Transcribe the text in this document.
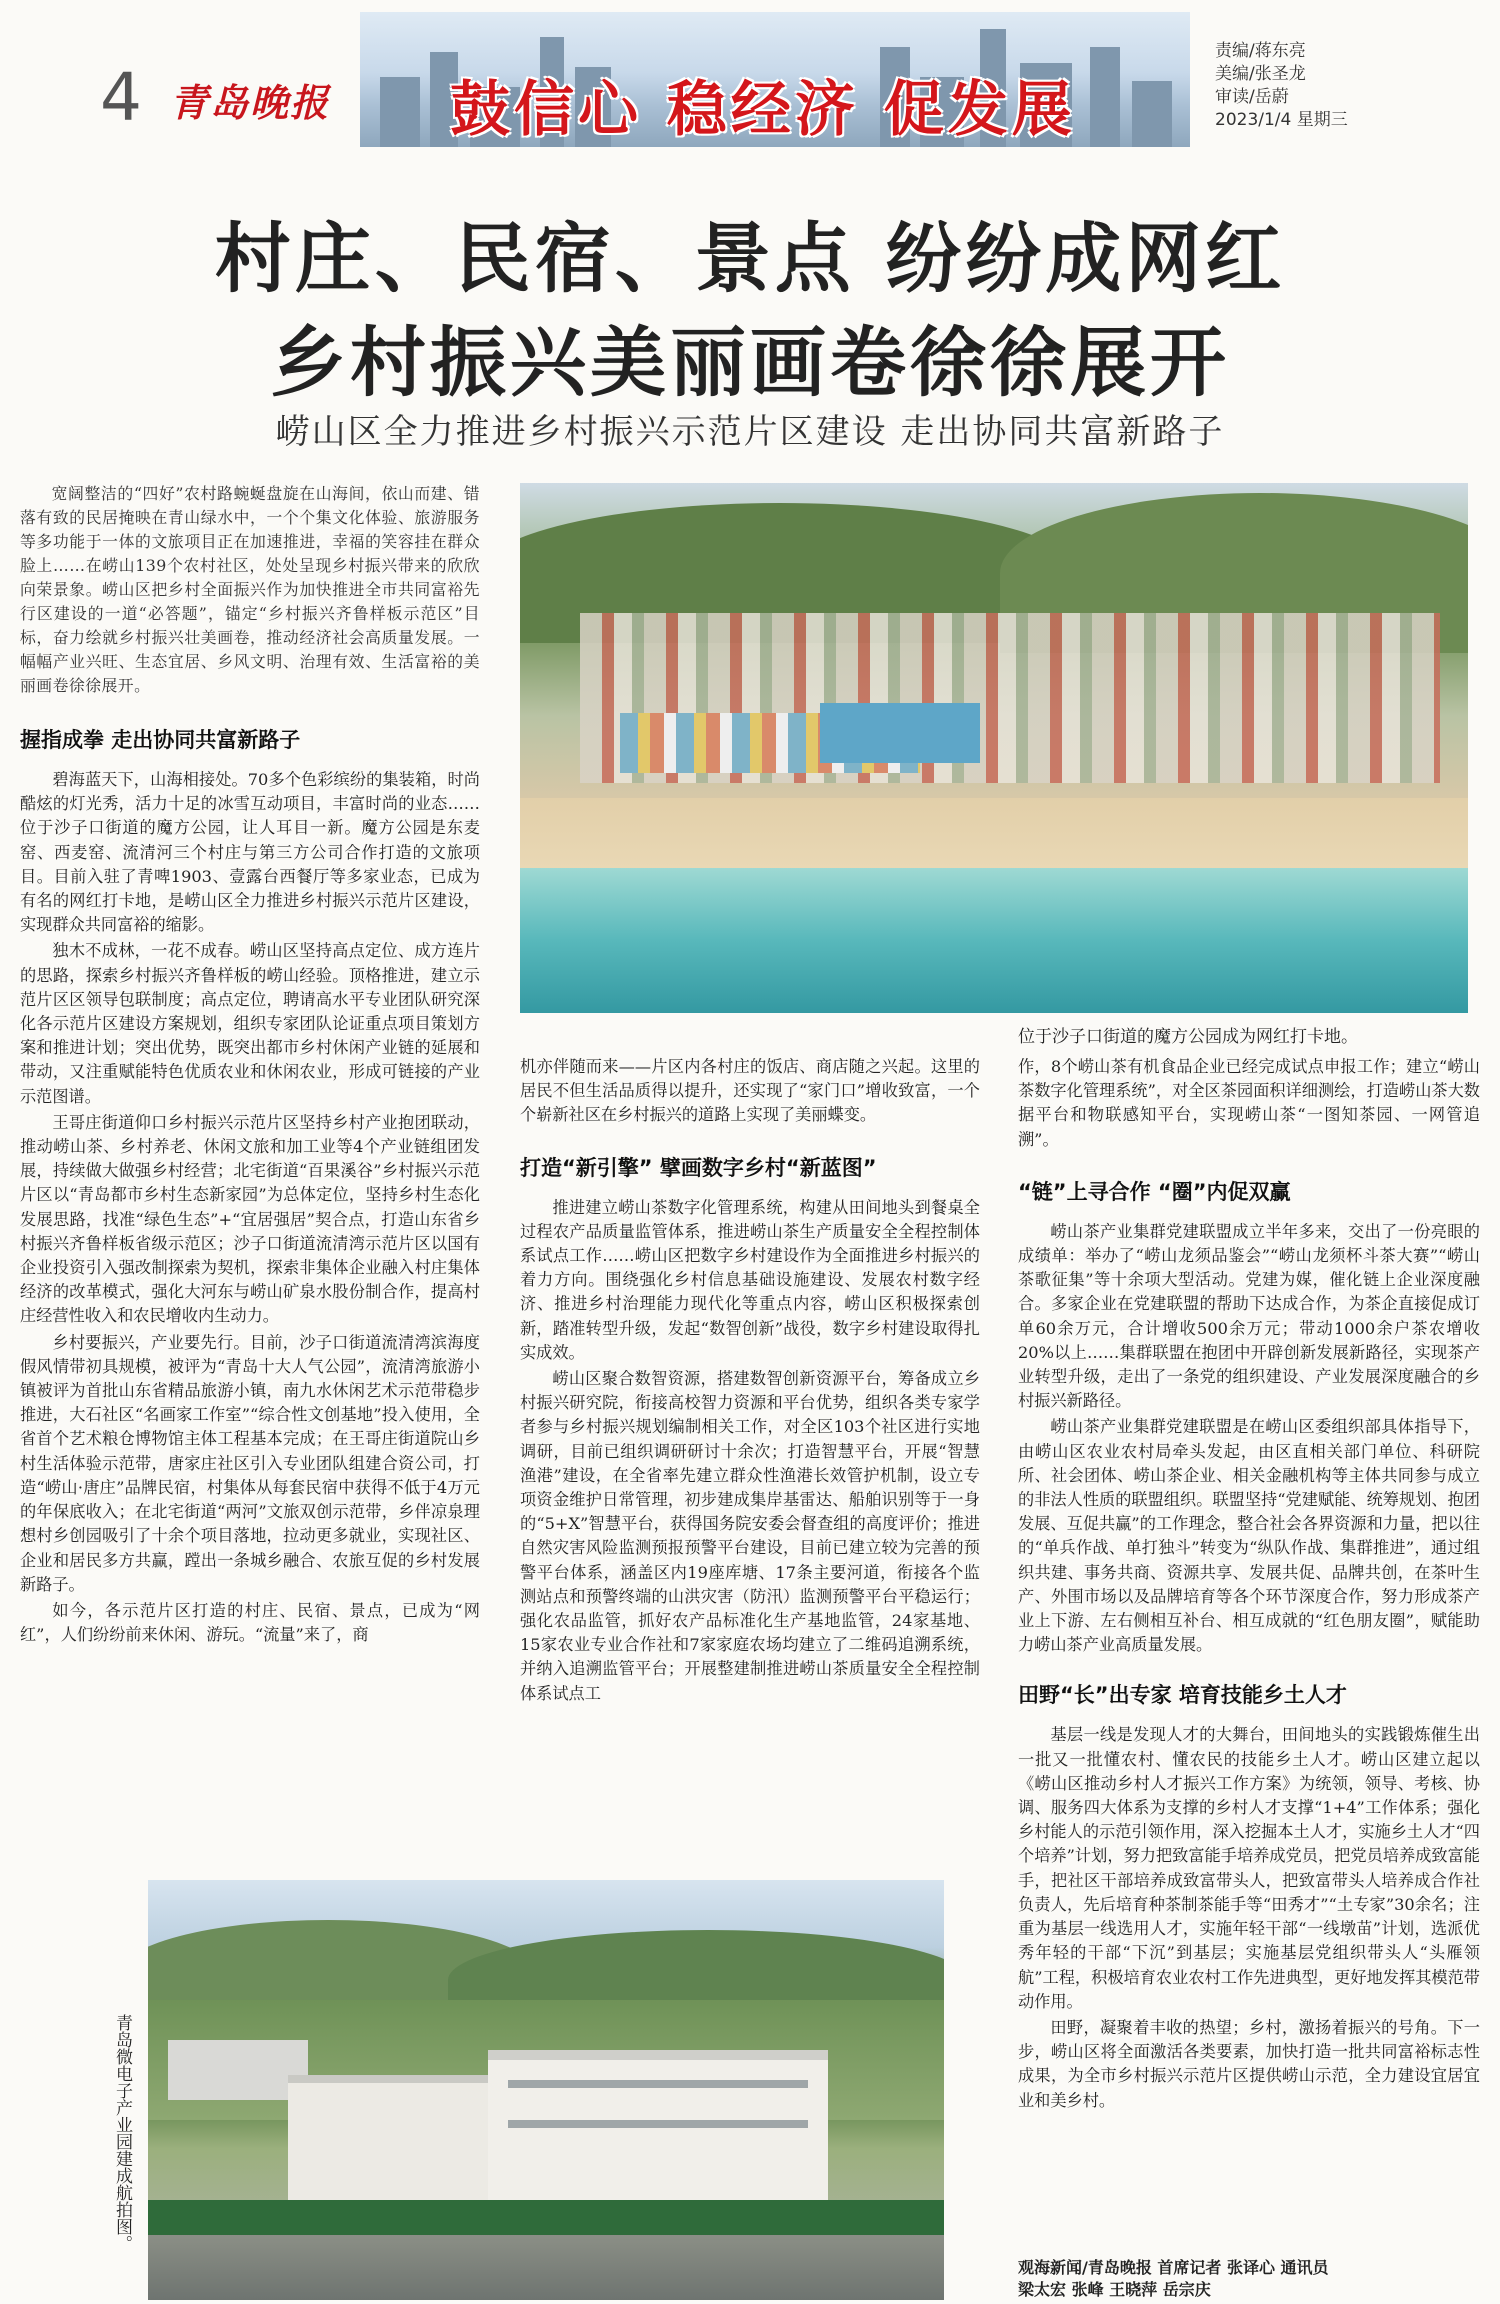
4 青岛晚报 鼓信心 稳经济 促发展
责编/蒋东亮
美编/张圣龙
审读/岳蔚
2023/1/4 星期三
村庄、民宿、景点 纷纷成网红
乡村振兴美丽画卷徐徐展开
崂山区全力推进乡村振兴示范片区建设 走出协同共富新路子

宽阔整洁的“四好”农村路蜿蜒盘旋在山海间，依山而建、错落有致的民居掩映在青山绿水中，一个个集文化体验、旅游服务等多功能于一体的文旅项目正在加速推进，幸福的笑容挂在群众脸上……在崂山139个农村社区，处处呈现乡村振兴带来的欣欣向荣景象。崂山区把乡村全面振兴作为加快推进全市共同富裕先行区建设的一道“必答题”，锚定“乡村振兴齐鲁样板示范区”目标，奋力绘就乡村振兴壮美画卷，推动经济社会高质量发展。一幅幅产业兴旺、生态宜居、乡风文明、治理有效、生活富裕的美丽画卷徐徐展开。

握指成拳 走出协同共富新路子

碧海蓝天下，山海相接处。70多个色彩缤纷的集装箱，时尚酷炫的灯光秀，活力十足的冰雪互动项目，丰富时尚的业态……位于沙子口街道的魔方公园，让人耳目一新。魔方公园是东麦窑、西麦窑、流清河三个村庄与第三方公司合作打造的文旅项目。目前入驻了青啤1903、壹露台西餐厅等多家业态，已成为有名的网红打卡地，是崂山区全力推进乡村振兴示范片区建设，实现群众共同富裕的缩影。

独木不成林，一花不成春。崂山区坚持高点定位、成方连片的思路，探索乡村振兴齐鲁样板的崂山经验。顶格推进，建立示范片区区领导包联制度；高点定位，聘请高水平专业团队研究深化各示范片区建设方案规划，组织专家团队论证重点项目策划方案和推进计划；突出优势，既突出都市乡村休闲产业链的延展和带动，又注重赋能特色优质农业和休闲农业，形成可链接的产业示范图谱。

王哥庄街道仰口乡村振兴示范片区坚持乡村产业抱团联动，推动崂山茶、乡村养老、休闲文旅和加工业等4个产业链组团发展，持续做大做强乡村经营；北宅街道“百果溪谷”乡村振兴示范片区以“青岛都市乡村生态新家园”为总体定位，坚持乡村生态化发展思路，找准“绿色生态”+“宜居强居”契合点，打造山东省乡村振兴齐鲁样板省级示范区；沙子口街道流清湾示范片区以国有企业投资引入强改制探索为契机，探索非集体企业融入村庄集体经济的改革模式，强化大河东与崂山矿泉水股份制合作，提高村庄经营性收入和农民增收内生动力。

乡村要振兴，产业要先行。目前，沙子口街道流清湾滨海度假风情带初具规模，被评为“青岛十大人气公园”，流清湾旅游小镇被评为首批山东省精品旅游小镇，南九水休闲艺术示范带稳步推进，大石社区“名画家工作室”“综合性文创基地”投入使用，全省首个艺术粮仓博物馆主体工程基本完成；在王哥庄街道院山乡村生活体验示范带，唐家庄社区引入专业团队组建合资公司，打造“崂山·唐庄”品牌民宿，村集体从每套民宿中获得不低于4万元的年保底收入；在北宅街道“两河”文旅双创示范带，乡伴凉泉理想村乡创园吸引了十余个项目落地，拉动更多就业，实现社区、企业和居民多方共赢，蹚出一条城乡融合、农旅互促的乡村发展新路子。

如今，各示范片区打造的村庄、民宿、景点，已成为“网红”，人们纷纷前来休闲、游玩。“流量”来了，商

位于沙子口街道的魔方公园成为网红打卡地。

机亦伴随而来——片区内各村庄的饭店、商店随之兴起。这里的居民不但生活品质得以提升，还实现了“家门口”增收致富，一个个崭新社区在乡村振兴的道路上实现了美丽蝶变。

打造“新引擎” 擘画数字乡村“新蓝图”

推进建立崂山茶数字化管理系统，构建从田间地头到餐桌全过程农产品质量监管体系，推进崂山茶生产质量安全全程控制体系试点工作……崂山区把数字乡村建设作为全面推进乡村振兴的着力方向。围绕强化乡村信息基础设施建设、发展农村数字经济、推进乡村治理能力现代化等重点内容，崂山区积极探索创新，踏准转型升级，发起“数智创新”战役，数字乡村建设取得扎实成效。

崂山区聚合数智资源，搭建数智创新资源平台，筹备成立乡村振兴研究院，衔接高校智力资源和平台优势，组织各类专家学者参与乡村振兴规划编制相关工作，对全区103个社区进行实地调研，目前已组织调研研讨十余次；打造智慧平台，开展“智慧渔港”建设，在全省率先建立群众性渔港长效管护机制，设立专项资金维护日常管理，初步建成集岸基雷达、船舶识别等于一身的“5+X”智慧平台，获得国务院安委会督查组的高度评价；推进自然灾害风险监测预报预警平台建设，目前已建立较为完善的预警平台体系，涵盖区内19座库塘、17条主要河道，衔接各个监测站点和预警终端的山洪灾害（防汛）监测预警平台平稳运行；强化农品监管，抓好农产品标准化生产基地监管，24家基地、15家农业专业合作社和7家家庭农场均建立了二维码追溯系统，并纳入追溯监管平台；开展整建制推进崂山茶质量安全全程控制体系试点工

作，8个崂山茶有机食品企业已经完成试点申报工作；建立“崂山茶数字化管理系统”，对全区茶园面积详细测绘，打造崂山茶大数据平台和物联感知平台，实现崂山茶“一图知茶园、一网管追溯”。

“链”上寻合作 “圈”内促双赢

崂山茶产业集群党建联盟成立半年多来，交出了一份亮眼的成绩单：举办了“崂山龙须品鉴会”“崂山龙须杯斗茶大赛”“崂山茶歌征集”等十余项大型活动。党建为媒，催化链上企业深度融合。多家企业在党建联盟的帮助下达成合作，为茶企直接促成订单60余万元，合计增收500余万元；带动1000余户茶农增收20%以上……集群联盟在抱团中开辟创新发展新路径，实现茶产业转型升级，走出了一条党的组织建设、产业发展深度融合的乡村振兴新路径。

崂山茶产业集群党建联盟是在崂山区委组织部具体指导下，由崂山区农业农村局牵头发起，由区直相关部门单位、科研院所、社会团体、崂山茶企业、相关金融机构等主体共同参与成立的非法人性质的联盟组织。联盟坚持“党建赋能、统筹规划、抱团发展、互促共赢”的工作理念，整合社会各界资源和力量，把以往的“单兵作战、单打独斗”转变为“纵队作战、集群推进”，通过组织共建、事务共商、资源共享、发展共促、品牌共创，在茶叶生产、外围市场以及品牌培育等各个环节深度合作，努力形成茶产业上下游、左右侧相互补台、相互成就的“红色朋友圈”，赋能助力崂山茶产业高质量发展。

田野“长”出专家 培育技能乡土人才

基层一线是发现人才的大舞台，田间地头的实践锻炼催生出一批又一批懂农村、懂农民的技能乡土人才。崂山区建立起以《崂山区推动乡村人才振兴工作方案》为统领，领导、考核、协调、服务四大体系为支撑的乡村人才支撑“1+4”工作体系；强化乡村能人的示范引领作用，深入挖掘本土人才，实施乡土人才“四个培养”计划，努力把致富能手培养成党员，把党员培养成致富能手，把社区干部培养成致富带头人，把致富带头人培养成合作社负责人，先后培育种茶制茶能手等“田秀才”“土专家”30余名；注重为基层一线选用人才，实施年轻干部“一线墩苗”计划，选派优秀年轻的干部“下沉”到基层；实施基层党组织带头人“头雁领航”工程，积极培育农业农村工作先进典型，更好地发挥其模范带动作用。

田野，凝聚着丰收的热望；乡村，激扬着振兴的号角。下一步，崂山区将全面激活各类要素，加快打造一批共同富裕标志性成果，为全市乡村振兴示范片区提供崂山示范，全力建设宜居宜业和美乡村。

青岛微电子产业园建成航拍图。
观海新闻/青岛晚报 首席记者 张译心 通讯员
梁太宏 张峰 王晓萍 岳宗庆
